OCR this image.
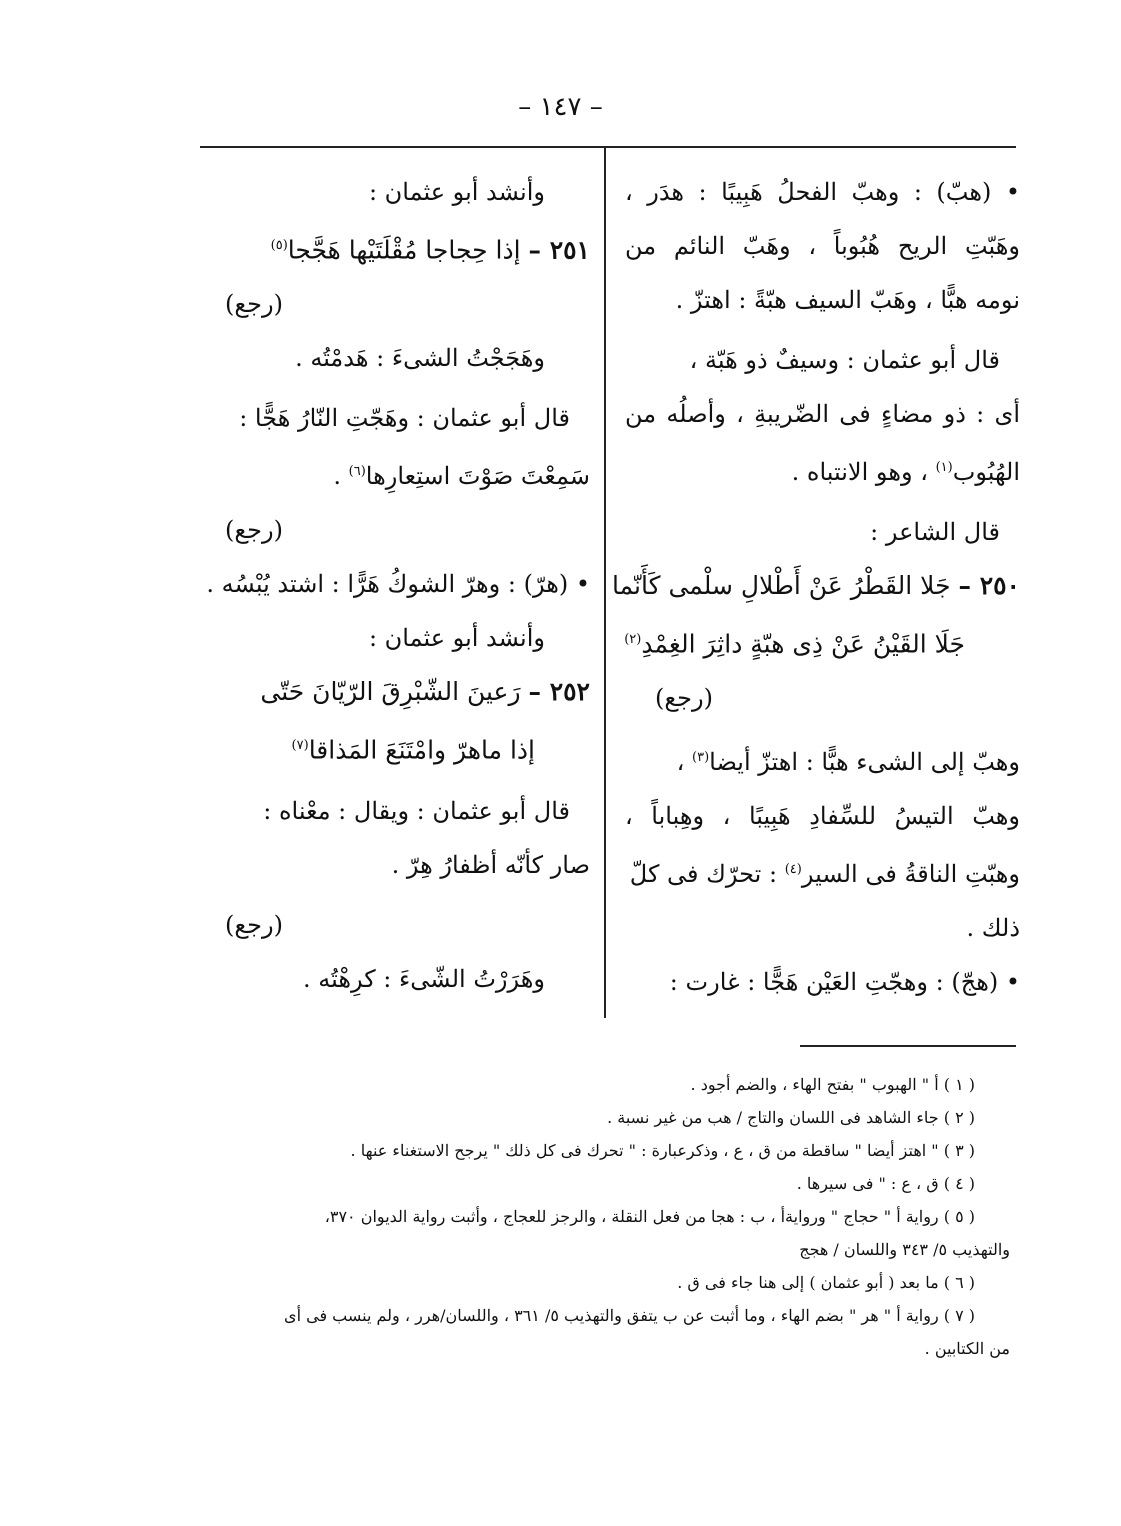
– ١٤٧ –

• (هبّ) : وهبّ الفحلُ هَبِيبًا : هدَر ،

وهَبّتِ الريح هُبُوباً ، وهَبّ النائم من

نومه هبًّا ، وهَبّ السيف هبّةً : اهتزّ .

قال أبو عثمان : وسيفٌ ذو هَبّة ،

أى : ذو مضاءٍ فى الضّريبةِ ، وأصلُه من

الهُبُوب$^{(١)}$ ، وهو الانتباه .

قال الشاعر :

٢٥٠ – جَلا القَطْرُ عَنْ أَطْلالِ سلْمى كَأَنّما

جَلَا القَيْنُ عَنْ ذِى هبّةٍ داثِرَ الغِمْدِ$^{(٢)}$

(رجع)

وهبّ إلى الشىء هبًّا : اهتزّ أيضا$^{(٣)}$ ،

وهبّ التيسُ للسِّفادِ هَبِيبًا ، وهِباباً ،

وهبّتِ الناقةُ فى السير$^{(٤)}$ : تحرّك فى كلّ

ذلك .

• (هجّ) : وهجّتِ العَيْن هَجًّا : غارت :

وأنشد أبو عثمان :

٢٥١ – إذا حِجاجا مُقْلَتَيْها هَجَّجا$^{(٥)}$

(رجع)

وهَجَجْتُ الشىءَ : هَدمْتُه .

قال أبو عثمان : وهَجّتِ النّارُ هَجًّا :

سَمِعْتَ صَوْتَ استِعارِها$^{(٦)}$ .

(رجع)

• (هرّ) : وهرّ الشوكُ هَرًّا : اشتد يُبْسُه .

وأنشد أبو عثمان :

٢٥٢ – رَعينَ الشّبْرِقَ الرّيّانَ حَتّى

إذا ماهرّ وامْتَنَعَ المَذاقا$^{(٧)}$

قال أبو عثمان : ويقال : معْناه :

صار كأنّه أظفارُ هِرّ .

(رجع)

وهَرَرْتُ الشّىءَ : كرِهْتُه .

( ١ ) أ " الهبوب " بفتح الهاء ، والضم أجود .

( ٢ ) جاء الشاهد فى اللسان والتاج / هب من غير نسبة .

( ٣ ) " اهتز أيضا " ساقطة من ق ، ع ، وذكرعبارة : " تحرك فى كل ذلك " يرجح الاستغناء عنها .

( ٤ ) ق ، ع : " فى سيرها .

( ٥ ) رواية أ " حجاج " وروايةأ ، ب : هجا من فعل النقلة ، والرجز للعجاج ، وأثبت رواية الديوان ٣٧٠،

والتهذيب ٥/ ٣٤٣ واللسان / هجج

( ٦ ) ما بعد ( أبو عثمان ) إلى هنا جاء فى ق .

( ٧ ) رواية أ " هر " بضم الهاء ، وما أثبت عن ب يتفق والتهذيب ٥/ ٣٦١ ، واللسان/هرر ، ولم ينسب فى أى

من الكتابين .
